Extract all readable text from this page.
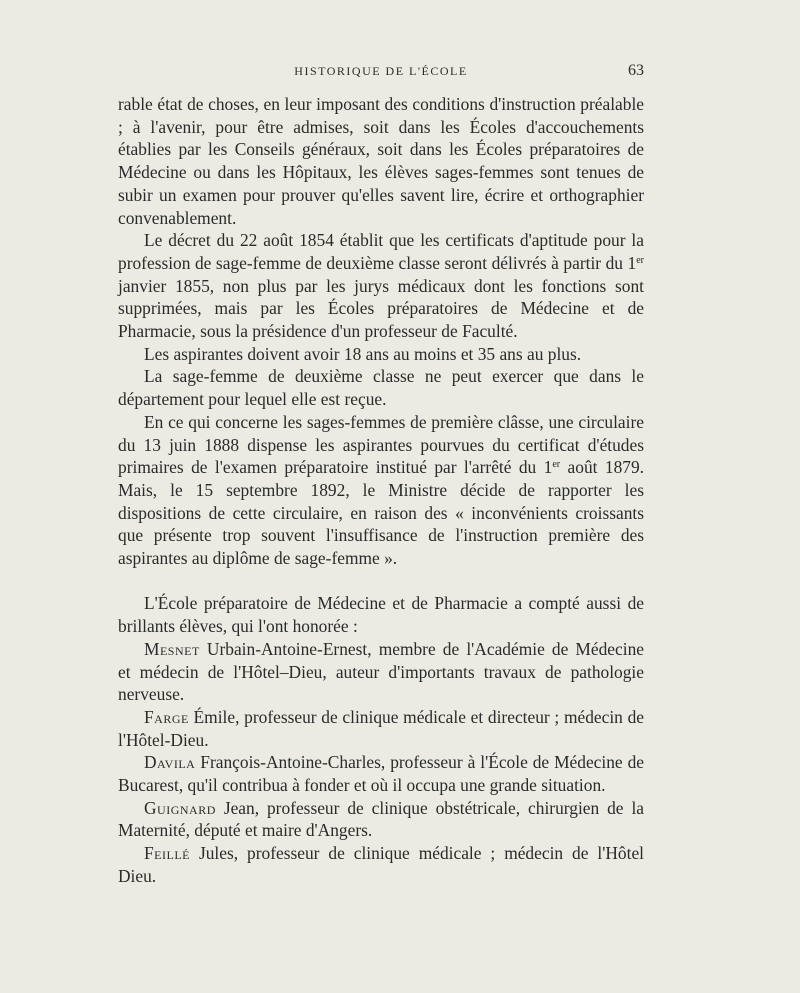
HISTORIQUE DE L'ÉCOLE	63

rable état de choses, en leur imposant des conditions d'instruction préalable ; à l'avenir, pour être admises, soit dans les Écoles d'accouchements établies par les Conseils généraux, soit dans les Écoles préparatoires de Médecine ou dans les Hôpitaux, les élèves sages-femmes sont tenues de subir un examen pour prouver qu'elles savent lire, écrire et orthographier convenablement.

Le décret du 22 août 1854 établit que les certificats d'aptitude pour la profession de sage-femme de deuxième classe seront délivrés à partir du 1er janvier 1855, non plus par les jurys médicaux dont les fonctions sont supprimées, mais par les Écoles préparatoires de Médecine et de Pharmacie, sous la présidence d'un professeur de Faculté.

Les aspirantes doivent avoir 18 ans au moins et 35 ans au plus.

La sage-femme de deuxième classe ne peut exercer que dans le département pour lequel elle est reçue.

En ce qui concerne les sages-femmes de première clâsse, une circulaire du 13 juin 1888 dispense les aspirantes pourvues du certificat d'études primaires de l'examen préparatoire institué par l'arrêté du 1er août 1879. Mais, le 15 septembre 1892, le Ministre décide de rapporter les dispositions de cette circulaire, en raison des « inconvénients croissants que présente trop souvent l'insuffisance de l'instruction première des aspirantes au diplôme de sage-femme ».

L'École préparatoire de Médecine et de Pharmacie a compté aussi de brillants élèves, qui l'ont honorée :

Mesnet Urbain-Antoine-Ernest, membre de l'Académie de Médecine et médecin de l'Hôtel–Dieu, auteur d'importants travaux de pathologie nerveuse.

Farge Émile, professeur de clinique médicale et directeur ; médecin de l'Hôtel-Dieu.

Davila François-Antoine-Charles, professeur à l'École de Médecine de Bucarest, qu'il contribua à fonder et où il occupa une grande situation.

Guignard Jean, professeur de clinique obstétricale, chirurgien de la Maternité, député et maire d'Angers.

Feillé Jules, professeur de clinique médicale ; médecin de l'Hôtel Dieu.
